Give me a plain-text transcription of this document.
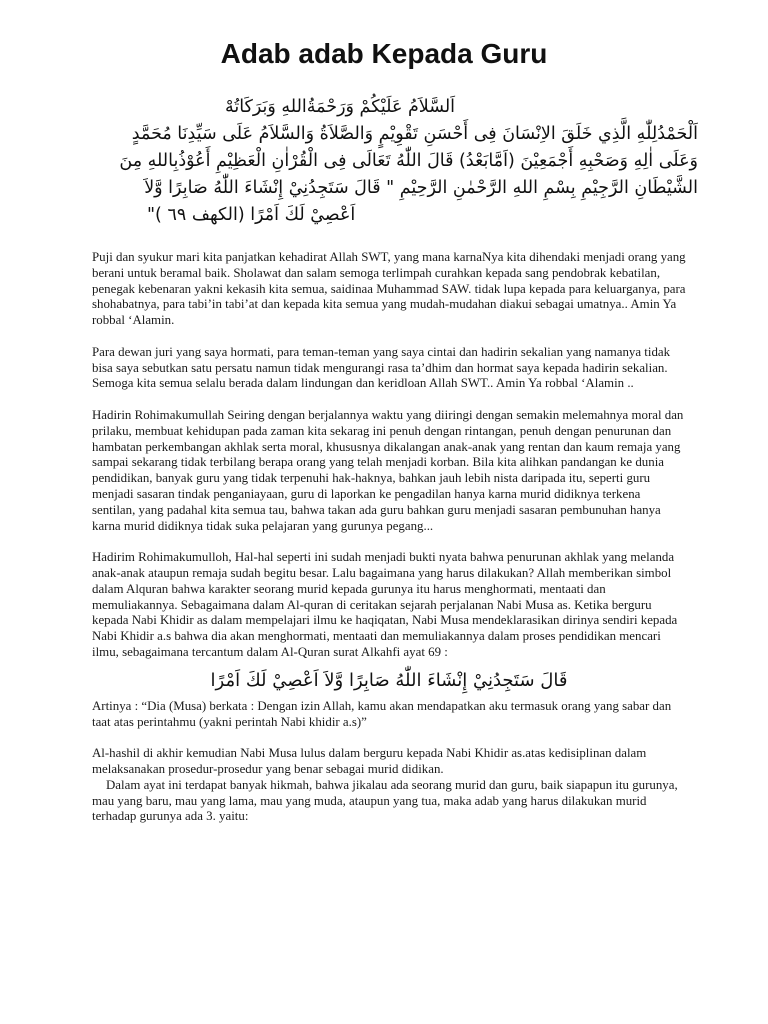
Adab adab Kepada Guru

اَلسَّلاَمُ عَلَيْكُمْ وَرَحْمَةُاللهِ وَبَرَكَاتُهْ

اَلْحَمْدُلِلّٰهِ الَّذِي خَلَقَ الاِنْسَانَ فِى أَحْسَنِ تَقْوِيْمٍ وَالصَّلاَةُ وَالسَّلاَمُ عَلَى سَيِّدِنَا مُحَمَّدٍ

وَعَلَى اٰلِهِ وَصَحْبِهِ أَجْمَعِيْنَ (اَمَّابَعْدُ) قَالَ اللّٰهُ تَعَالَى فِى الْقُرْاٰنِ الْعَظِيْمِ أَعُوْذُبِاللهِ مِنَ

الشَّيْطَانِ الرَّجِيْمِ بِسْمِ اللهِ الرَّحْمٰنِ الرَّحِيْمِ " قَالَ سَتَجِدُنِيْ إِنْشَاءَ اللّٰهُ صَابِرًا وَّلاَ

اَعْصِيْ لَكَ اَمْرًا (الكهف ٦٩ )"

Puji dan syukur mari kita panjatkan kehadirat Allah SWT, yang mana karnaNya kita dihendaki menjadi orang yang berani untuk beramal baik. Sholawat dan salam semoga terlimpah curahkan kepada sang pendobrak kebatilan, penegak kebenaran yakni kekasih kita semua, saidinaa Muhammad SAW. tidak lupa kepada para keluarganya, para shohabatnya, para tabi’in tabi’at dan kepada kita semua yang mudah-mudahan diakui sebagai umatnya.. Amin Ya robbal ‘Alamin.

Para dewan juri yang saya hormati, para teman-teman yang saya cintai dan hadirin sekalian yang namanya tidak bisa saya sebutkan satu persatu namun tidak mengurangi rasa ta’dhim dan hormat saya kepada hadirin sekalian.

Semoga kita semua selalu berada dalam lindungan dan keridloan Allah SWT.. Amin Ya robbal ‘Alamin ..

Hadirin Rohimakumullah Seiring dengan berjalannya waktu yang diiringi dengan semakin melemahnya moral dan prilaku, membuat kehidupan pada zaman kita sekarag ini penuh dengan rintangan, penuh dengan penurunan dan hambatan perkembangan akhlak serta moral, khususnya dikalangan anak-anak yang rentan dan kaum remaja yang sampai sekarang tidak terbilang berapa orang yang telah menjadi korban. Bila kita alihkan pandangan ke dunia pendidikan, banyak guru yang tidak terpenuhi hak-haknya, bahkan jauh lebih nista daripada itu, seperti guru menjadi sasaran tindak penganiayaan, guru di laporkan ke pengadilan hanya karna murid didiknya terkena sentilan, yang padahal kita semua tau, bahwa takan ada guru bahkan guru menjadi sasaran pembunuhan hanya karna murid didiknya tidak suka pelajaran yang gurunya pegang...

Hadirim Rohimakumulloh, Hal-hal seperti ini sudah menjadi bukti nyata bahwa penurunan akhlak yang melanda anak-anak ataupun remaja sudah begitu besar. Lalu bagaimana yang harus dilakukan? Allah memberikan simbol dalam Alquran bahwa karakter seorang murid kepada gurunya itu harus menghormati, mentaati dan memuliakannya. Sebagaimana dalam Al-quran di ceritakan sejarah perjalanan Nabi Musa as. Ketika berguru kepada Nabi Khidir as dalam mempelajari ilmu ke haqiqatan, Nabi Musa mendeklarasikan dirinya sendiri kepada Nabi Khidir a.s bahwa dia akan menghormati, mentaati dan memuliakannya dalam proses pendidikan mencari ilmu, sebagaimana tercantum dalam Al-Quran surat Alkahfi ayat 69 :

قَالَ سَتَجِدُنِيْ إِنْشَاءَ اللّٰهُ صَابِرًا وَّلاَ اَعْصِيْ لَكَ اَمْرًا

Artinya : “Dia (Musa) berkata : Dengan izin Allah, kamu akan mendapatkan aku termasuk orang yang sabar dan taat atas perintahmu (yakni perintah Nabi khidir a.s)”

Al-hashil di akhir kemudian Nabi Musa lulus dalam berguru kepada Nabi Khidir as.atas kedisiplinan dalam melaksanakan prosedur-prosedur yang benar sebagai murid didikan.

Dalam ayat ini terdapat banyak hikmah, bahwa jikalau ada seorang murid dan guru, baik siapapun itu gurunya, mau yang baru, mau yang lama, mau yang muda, ataupun yang tua, maka adab yang harus dilakukan murid terhadap gurunya ada 3. yaitu:
